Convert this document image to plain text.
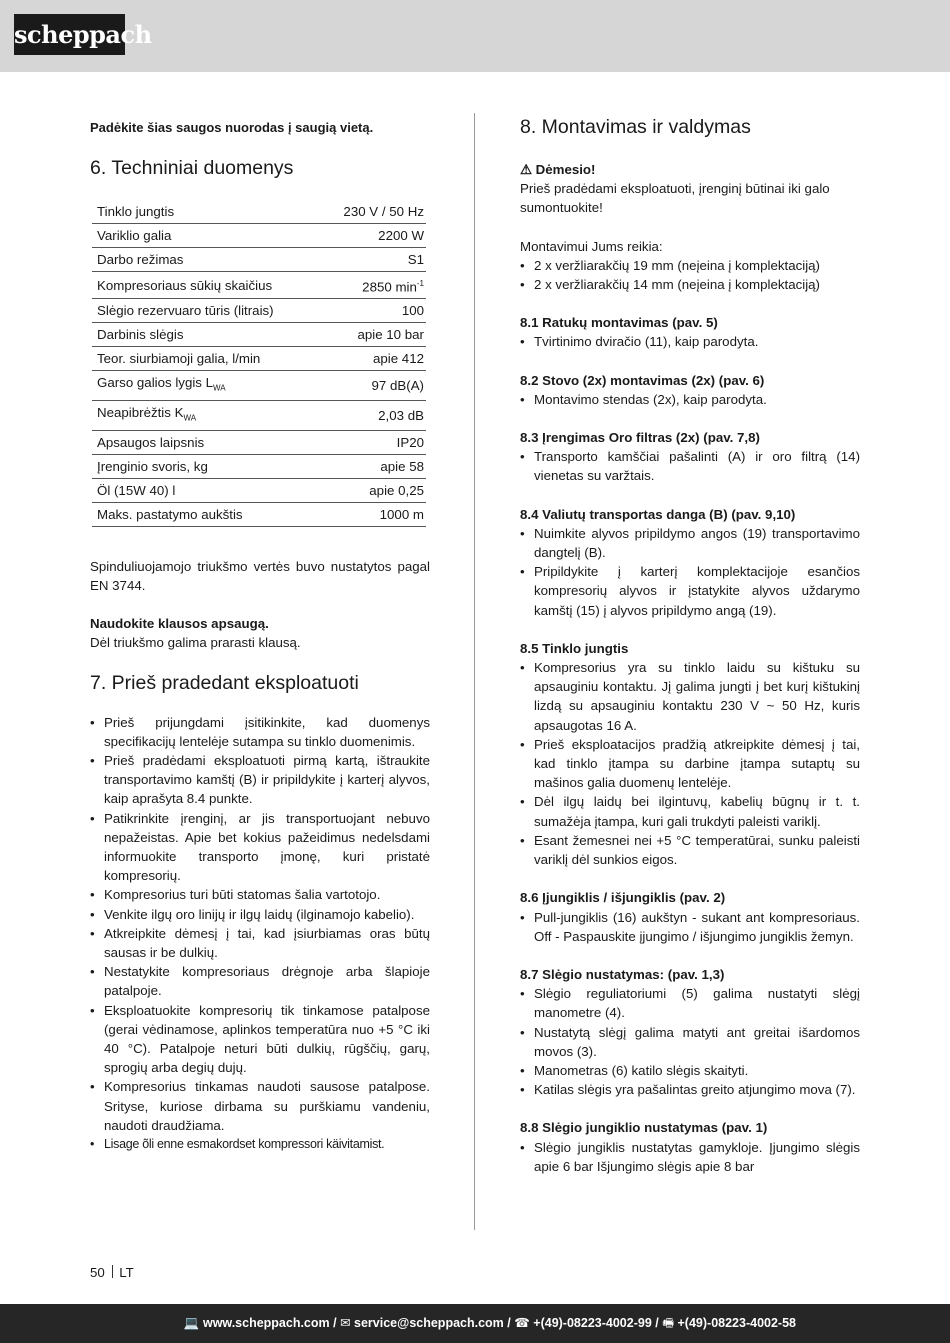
scheppach

Padėkite šias saugos nuorodas į saugią vietą.

6. Techniniai duomenys
Tinklo jungtis	230 V / 50 Hz
Variklio galia	2200 W
Darbo režimas	S1
Kompresoriaus sūkių skaičius	2850 $\min^{-1}$
Slėgio rezervuaro tūris (litrais)	100
Darbinis slėgis	apie 10 bar
Teor. siurbiamoji galia, l/min	apie 412
Garso galios lygis $L_{WA}$	97 dB(A)
Neapibrėžtis $K_{WA}$	2,03 dB
Apsaugos laipsnis	IP20
Įrenginio svoris, kg	apie 58
Öl (15W 40) l	apie 0,25
Maks. pastatymo aukštis	1000 m

Spinduliuojamojo triukšmo vertės buvo nustatytos pagal EN 3744.

Naudokite klausos apsaugą.

Dėl triukšmo galima prarasti klausą.

7. Prieš pradedant eksploatuoti
• Prieš prijungdami įsitikinkite, kad duomenys specifikacijų lentelėje sutampa su tinklo duomenimis.
• Prieš pradėdami eksploatuoti pirmą kartą, ištraukite transportavimo kamštį (B) ir pripildykite į karterį alyvos, kaip aprašyta 8.4 punkte.
• Patikrinkite įrenginį, ar jis transportuojant nebuvo nepažeistas. Apie bet kokius pažeidimus nedelsdami informuokite transporto įmonę, kuri pristatė kompresorių.
• Kompresorius turi būti statomas šalia vartotojo.
• Venkite ilgų oro linijų ir ilgų laidų (ilginamojo kabelio).
• Atkreipkite dėmesį į tai, kad įsiurbiamas oras būtų sausas ir be dulkių.
• Nestatykite kompresoriaus drėgnoje arba šlapioje patalpoje.
• Eksploatuokite kompresorių tik tinkamose patalpose (gerai vėdinamose, aplinkos temperatūra nuo +5 °C iki 40 °C). Patalpoje neturi būti dulkių, rūgščių, garų, sprogių arba degių dujų.
• Kompresorius tinkamas naudoti sausose patalpose. Srityse, kuriose dirbama su purškiamu vandeniu, naudoti draudžiama.
• Lisage õli enne esmakordset kompressori käivitamist.
8. Montavimas ir valdymas

⚠ Dėmesio!

Prieš pradėdami eksploatuoti, įrenginį būtinai iki galo sumontuokite!

Montavimui Jums reikia:

• 2 x veržliarakčių 19 mm (neįeina į komplektaciją)
• 2 x veržliarakčių 14 mm (neįeina į komplektaciją)

8.1 Ratukų montavimas (pav. 5)

• Tvirtinimo dviračio (11), kaip parodyta.

8.2 Stovo (2x) montavimas (2x) (pav. 6)

• Montavimo stendas (2x), kaip parodyta.

8.3 Įrengimas Oro filtras (2x) (pav. 7,8)

• Transporto kamščiai pašalinti (A) ir oro filtrą (14) vienetas su varžtais.

8.4 Valiutų transportas danga (B) (pav. 9,10)

• Nuimkite alyvos pripildymo angos (19) transportavimo dangtelį (B).
• Pripildykite į karterį komplektacijoje esančios kompresorių alyvos ir įstatykite alyvos uždarymo kamštį (15) į alyvos pripildymo angą (19).

8.5 Tinklo jungtis

• Kompresorius yra su tinklo laidu su kištuku su apsauginiu kontaktu. Jį galima jungti į bet kurį kištukinį lizdą su apsauginiu kontaktu 230 V ~ 50 Hz, kuris apsaugotas 16 A.
• Prieš eksploatacijos pradžią atkreipkite dėmesį į tai, kad tinklo įtampa su darbine įtampa sutaptų su mašinos galia duomenų lentelėje.
• Dėl ilgų laidų bei ilgintuvų, kabelių būgnų ir t. t. sumažėja įtampa, kuri gali trukdyti paleisti variklį.
• Esant žemesnei nei +5 °C temperatūrai, sunku paleisti variklį dėl sunkios eigos.

8.6 Įjungiklis / išjungiklis (pav. 2)

• Pull-jungiklis (16) aukštyn - sukant ant kompresoriaus. Off - Paspauskite įjungimo / išjungimo jungiklis žemyn.

8.7 Slėgio nustatymas: (pav. 1,3)

• Slėgio reguliatoriumi (5) galima nustatyti slėgį manometre (4).
• Nustatytą slėgį galima matyti ant greitai išardomos movos (3).
• Manometras (6) katilo slėgis skaityti.
• Katilas slėgis yra pašalintas greito atjungimo mova (7).

8.8 Slėgio jungiklio nustatymas (pav. 1)

• Slėgio jungiklis nustatytas gamykloje. Įjungimo slėgis apie 6 bar Išjungimo slėgis apie 8 bar
50 LT
💻 www.scheppach.com / ✉ service@scheppach.com / ☎ +(49)-08223-4002-99 / 🖷 +(49)-08223-4002-58
